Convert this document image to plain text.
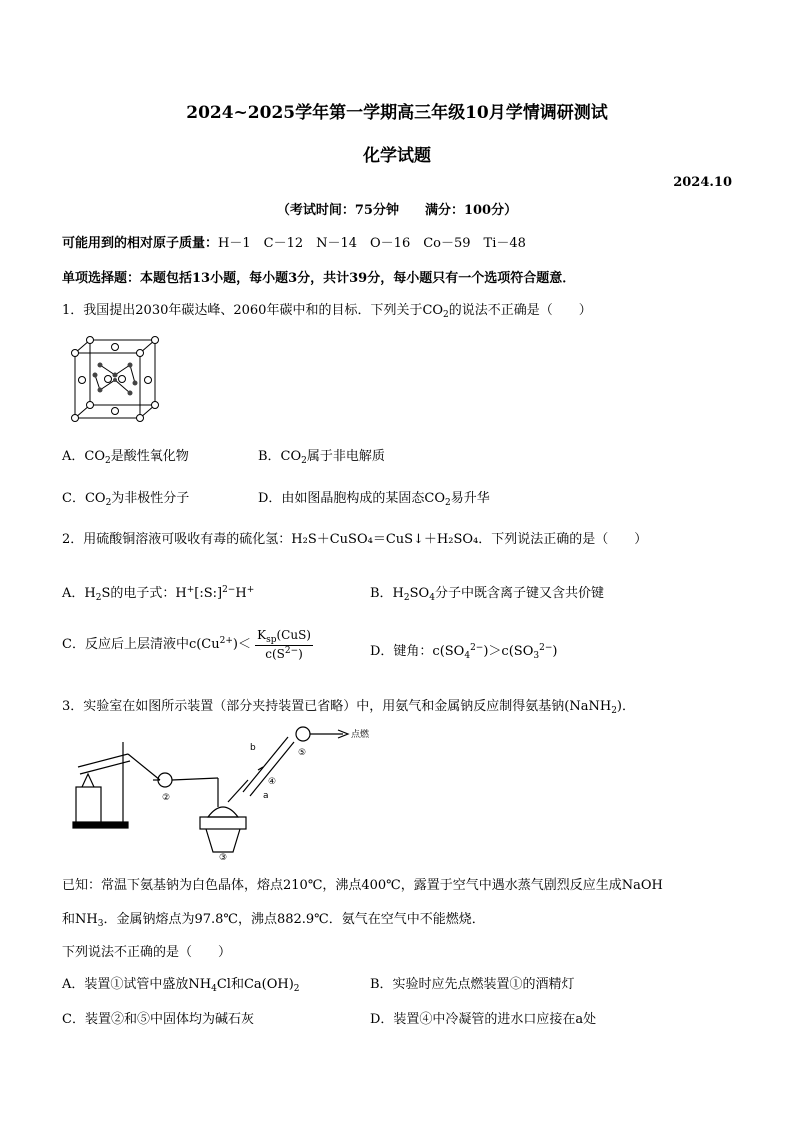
2024~2025学年第一学期高三年级10月学情调研测试
化学试题
2024.10
（考试时间：75分钟　　满分：100分）
可能用到的相对原子质量：H－1　C－12　N－14　O－16　Co－59　Ti－48
单项选择题：本题包括13小题，每小题3分，共计39分，每小题只有一个选项符合题意．
1．我国提出2030年碳达峰、2060年碳中和的目标．下列关于$CO_2$的说法不正确是（　　）
A．$CO_2$是酸性氧化物	B．$CO_2$属于非电解质
C．$CO_2$为非极性分子	D．由如图晶胞构成的某固态$CO_2$易升华
2．用硫酸铜溶液可吸收有毒的硫化氢：H₂S＋CuSO₄＝CuS↓＋H₂SO₄．下列说法正确的是（　　）
A．$H_2S$的电子式：H+[:S:]$^{2-}$H+	B．$H_2SO_4$分子中既含离子键又含共价键
C．反应后上层清液中$c(Cu^{2+})< \frac{K_{sp}(CuS)}{c(S^{2-})}$	D．键角：$c(SO_4^{2-})>c(SO_3^{2-})$
3．实验室在如图所示装置（部分夹持装置已省略）中，用氨气和金属钠反应制得氨基钠(NaNH$_2$)．
②
③
④
⑤
b
a
点燃
已知：常温下氨基钠为白色晶体，熔点210℃，沸点400℃，露置于空气中遇水蒸气剧烈反应生成NaOH
和$NH_3$．金属钠熔点为97.8℃，沸点882.9℃．氨气在空气中不能燃烧．
下列说法不正确的是（　　）
A．装置①试管中盛放$NH_4Cl$和$Ca(OH)_2$	B．实验时应先点燃装置①的酒精灯
C．装置②和⑤中固体均为碱石灰	D．装置④中冷凝管的进水口应接在a处
